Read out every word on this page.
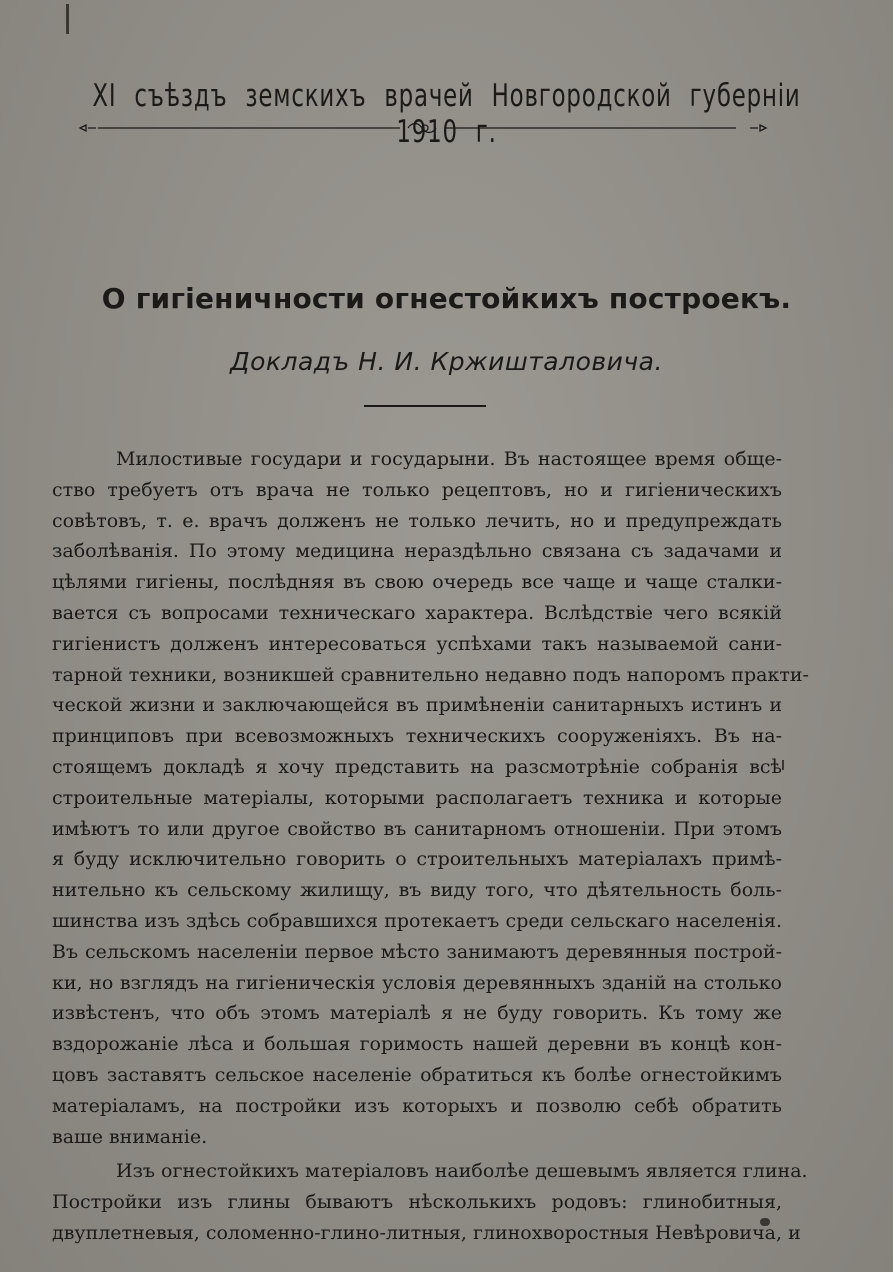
XI съѣздъ земскихъ врачей Новгородской губерніи 1910 г.
О гигіеничности огнестойкихъ построекъ.
Докладъ Н. И. Кржишталовича.
Милостивые государи и государыни. Въ настоящее время обще-
ство требуетъ отъ врача не только рецептовъ, но и гигіеническихъ
совѣтовъ, т. е. врачъ долженъ не только лечить, но и предупреждать
заболѣванія. По этому медицина нераздѣльно связана съ задачами и
цѣлями гигіены, послѣдняя въ свою очередь все чаще и чаще сталки-
вается съ вопросами техническаго характера. Вслѣдствіе чего всякій
гигіенистъ долженъ интересоваться успѣхами такъ называемой сани-
тарной техники, возникшей сравнительно недавно подъ напоромъ практи-
ческой жизни и заключающейся въ примѣненіи санитарныхъ истинъ и
принциповъ при всевозможныхъ техническихъ сооруженіяхъ. Въ на-
стоящемъ докладѣ я хочу представить на разсмотрѣніе собранія всѣ
строительные матеріалы, которыми располагаетъ техника и которые
имѣютъ то или другое свойство въ санитарномъ отношеніи. При этомъ
я буду исключительно говорить о строительныхъ матеріалахъ примѣ-
нительно къ сельскому жилищу, въ виду того, что дѣятельность боль-
шинства изъ здѣсь собравшихся протекаетъ среди сельскаго населенія.
Въ сельскомъ населеніи первое мѣсто занимаютъ деревянныя построй-
ки, но взглядъ на гигіеническія условія деревянныхъ зданій на столько
извѣстенъ, что объ этомъ матеріалѣ я не буду говорить. Къ тому же
вздорожаніе лѣса и большая горимость нашей деревни въ концѣ кон-
цовъ заставятъ сельское населеніе обратиться къ болѣе огнестойкимъ
матеріаламъ, на постройки изъ которыхъ и позволю себѣ обратить
ваше вниманіе.
Изъ огнестойкихъ матеріаловъ наиболѣе дешевымъ является глина.
Постройки изъ глины бываютъ нѣсколькихъ родовъ: глинобитныя,
двуплетневыя, соломенно-глино-литныя, глинохворостныя Невѣровича, и
